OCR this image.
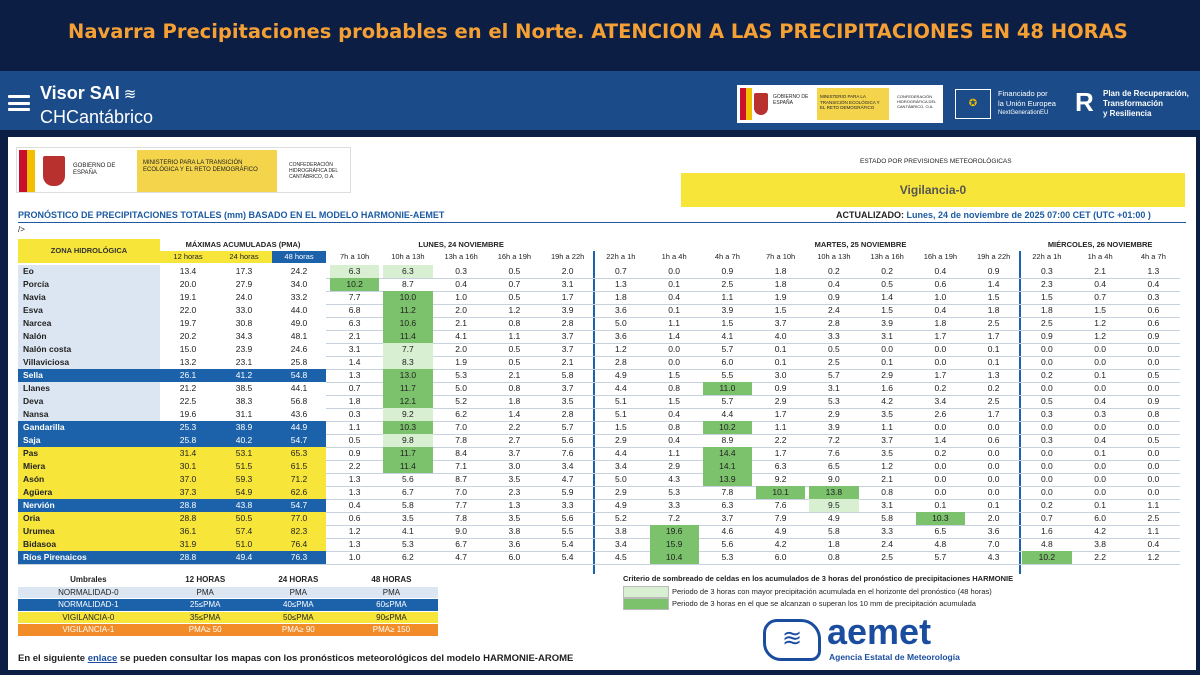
Navarra Precipitaciones probables en el Norte. ATENCION A LAS PRECIPITACIONES EN 48 HORAS
Visor SAI ≋
CHCantábrico
GOBIERNO DE ESPAÑA
MINISTERIO PARA LA TRANSICIÓN ECOLÓGICA Y EL RETO DEMOGRÁFICO
CONFEDERACIÓN HIDROGRÁFICA DEL CANTÁBRICO, O.A.	✪
Financiado por
la Unión Europea
NextGenerationEU R Plan de Recuperación,
Transformación
y Resiliencia
GOBIERNO DE ESPAÑA
MINISTERIO PARA LA TRANSICIÓN ECOLÓGICA Y EL RETO DEMOGRÁFICO
CONFEDERACIÓN HIDROGRÁFICA DEL CANTÁBRICO, O.A.
ESTADO POR PREVISIONES METEOROLÓGICAS
Vigilancia-0
PRONÓSTICO DE PRECIPITACIONES TOTALES (mm) BASADO EN EL MODELO HARMONIE-AEMET	ACTUALIZADO: Lunes, 24 de noviembre de 2025 07:00 CET (UTC +01:00 )
/>
ZONA HIDROLÓGICA
MÁXIMAS ACUMULADAS (PMA)
12 horas	24 horas	48 horas
LUNES, 24 NOVIEMBRE	MARTES, 25 NOVIEMBRE	MIÉRCOLES, 26 NOVIEMBRE
7h a 10h	10h a 13h	13h a 16h	16h a 19h	19h a 22h	22h a 1h	1h a 4h	4h a 7h	7h a 10h	10h a 13h	13h a 16h	16h a 19h	19h a 22h	22h a 1h	1h a 4h	4h a 7h
Eo	13.4	17.3	24.2	6.3	6.3	0.3	0.5	2.0	0.7	0.0	0.9	1.8	0.2	0.2	0.4	0.9	0.3	2.1	1.3
Porcía	20.0	27.9	34.0	10.2	8.7	0.4	0.7	3.1	1.3	0.1	2.5	1.8	0.4	0.5	0.6	1.4	2.3	0.4	0.4
Navia	19.1	24.0	33.2	7.7	10.0	1.0	0.5	1.7	1.8	0.4	1.1	1.9	0.9	1.4	1.0	1.5	1.5	0.7	0.3
Esva	22.0	33.0	44.0	6.8	11.2	2.0	1.2	3.9	3.6	0.1	3.9	1.5	2.4	1.5	0.4	1.8	1.8	1.5	0.6
Narcea	19.7	30.8	49.0	6.3	10.6	2.1	0.8	2.8	5.0	1.1	1.5	3.7	2.8	3.9	1.8	2.5	2.5	1.2	0.6
Nalón	20.2	34.3	48.1	2.1	11.4	4.1	1.1	3.7	3.6	1.4	4.1	4.0	3.3	3.1	1.7	1.7	0.9	1.2	0.9
Nalón costa	15.0	23.9	24.6	3.1	7.7	2.0	0.5	3.7	1.2	0.0	5.7	0.1	0.5	0.0	0.0	0.1	0.0	0.0	0.0
Villaviciosa	13.2	23.1	25.8	1.4	8.3	1.9	0.5	2.1	2.8	0.0	6.0	0.1	2.5	0.1	0.0	0.1	0.0	0.0	0.0
Sella	26.1	41.2	54.8	1.3	13.0	5.3	2.1	5.8	4.9	1.5	5.5	3.0	5.7	2.9	1.7	1.3	0.2	0.1	0.5
Llanes	21.2	38.5	44.1	0.7	11.7	5.0	0.8	3.7	4.4	0.8	11.0	0.9	3.1	1.6	0.2	0.2	0.0	0.0	0.0
Deva	22.5	38.3	56.8	1.8	12.1	5.2	1.8	3.5	5.1	1.5	5.7	2.9	5.3	4.2	3.4	2.5	0.5	0.4	0.9
Nansa	19.6	31.1	43.6	0.3	9.2	6.2	1.4	2.8	5.1	0.4	4.4	1.7	2.9	3.5	2.6	1.7	0.3	0.3	0.8
Gandarilla	25.3	38.9	44.9	1.1	10.3	7.0	2.2	5.7	1.5	0.8	10.2	1.1	3.9	1.1	0.0	0.0	0.0	0.0	0.0
Saja	25.8	40.2	54.7	0.5	9.8	7.8	2.7	5.6	2.9	0.4	8.9	2.2	7.2	3.7	1.4	0.6	0.3	0.4	0.5
Pas	31.4	53.1	65.3	0.9	11.7	8.4	3.7	7.6	4.4	1.1	14.4	1.7	7.6	3.5	0.2	0.0	0.0	0.1	0.0
Miera	30.1	51.5	61.5	2.2	11.4	7.1	3.0	3.4	3.4	2.9	14.1	6.3	6.5	1.2	0.0	0.0	0.0	0.0	0.0
Asón	37.0	59.3	71.2	1.3	5.6	8.7	3.5	4.7	5.0	4.3	13.9	9.2	9.0	2.1	0.0	0.0	0.0	0.0	0.0
Agüera	37.3	54.9	62.6	1.3	6.7	7.0	2.3	5.9	2.9	5.3	7.8	10.1	13.8	0.8	0.0	0.0	0.0	0.0	0.0
Nervión	28.8	43.8	54.7	0.4	5.8	7.7	1.3	3.3	4.9	3.3	6.3	7.6	9.5	3.1	0.1	0.1	0.2	0.1	1.1
Oria	28.8	50.5	77.0	0.6	3.5	7.8	3.5	5.6	5.2	7.2	3.7	7.9	4.9	5.8	10.3	2.0	0.7	6.0	2.5
Urumea	36.1	57.4	82.3	1.2	4.1	9.0	3.8	5.5	3.8	19.6	4.6	4.9	5.8	3.3	6.5	3.6	1.6	4.2	1.1
Bidasoa	31.9	51.0	76.4	1.3	5.3	6.7	3.6	5.4	3.4	15.9	5.6	4.2	1.8	2.4	4.8	7.0	4.8	3.8	0.4
Ríos Pirenaicos	28.8	49.4	76.3	1.0	6.2	4.7	6.0	5.4	4.5	10.4	5.3	6.0	0.8	2.5	5.7	4.3	10.2	2.2	1.2
Umbrales	12 HORAS	24 HORAS	48 HORAS
NORMALIDAD-0	PMA	PMA	PMA
NORMALIDAD-1	25≤PMA	40≤PMA	60≤PMA
VIGILANCIA-0	35≤PMA	50≤PMA	90≤PMA
VIGILANCIA-1	PMA≥ 50	PMA≥ 90	PMA≥ 150
Criterio de sombreado de celdas en los acumulados de 3 horas del pronóstico de precipitaciones HARMONIE
Periodo de 3 horas con mayor precipitación acumulada en el horizonte del pronóstico (48 horas)
Periodo de 3 horas en el que se alcanzan o superan los 10 mm de precipitación acumulada
≋ aemet
Agencia Estatal de Meteorología
En el siguiente enlace se pueden consultar los mapas con los pronósticos meteorológicos del modelo HARMONIE-AROME
